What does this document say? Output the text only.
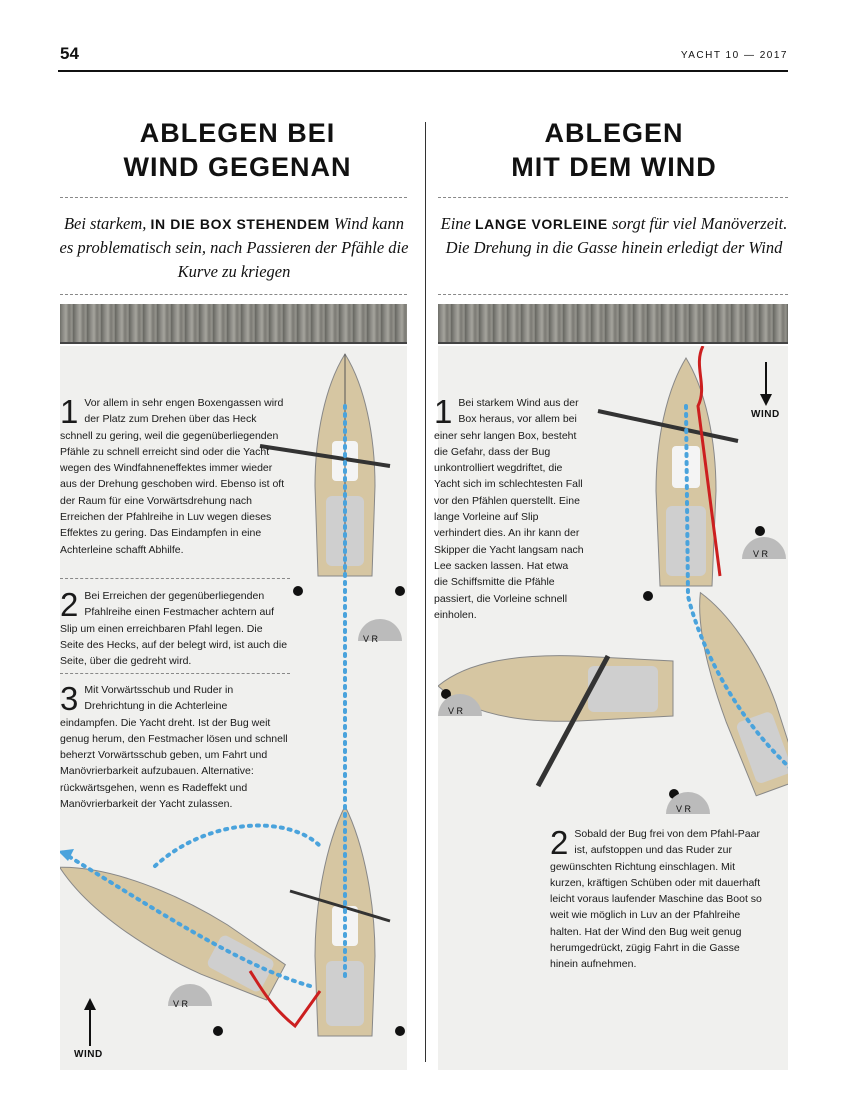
54	YACHT 10 — 2017
ABLEGEN BEI
WIND GEGENAN
Bei starkem, IN DIE BOX STEHENDEM Wind kann es problematisch sein, nach Passieren der Pfähle die Kurve zu kriegen
V R
V R
WIND
1 Vor allem in sehr engen Boxengassen wird der Platz zum Drehen über das Heck schnell zu gering, weil die gegenüberliegenden Pfähle zu schnell erreicht sind oder die Yacht wegen des Windfahneneffektes immer wieder aus der Drehung geschoben wird. Ebenso ist oft der Raum für eine Vorwärtsdrehung nach Erreichen der Pfahlreihe in Luv wegen dieses Effektes zu gering. Das Eindampfen in eine Achterleine schafft Abhilfe.
2 Bei Erreichen der gegenüberliegenden Pfahlreihe einen Festmacher achtern auf Slip um einen erreichbaren Pfahl legen. Die Seite des Hecks, auf der belegt wird, ist auch die Seite, über die gedreht wird.
3 Mit Vorwärtsschub und Ruder in Drehrichtung in die Achterleine eindampfen. Die Yacht dreht. Ist der Bug weit genug herum, den Festmacher lösen und schnell beherzt Vorwärtsschub geben, um Fahrt und Manövrierbarkeit aufzubauen. Alternative: rückwärtsgehen, wenn es Radeffekt und Manövrierbarkeit der Yacht zulassen.
ABLEGEN
MIT DEM WIND
Eine LANGE VORLEINE sorgt für viel Manöverzeit. Die Drehung in die Gasse hinein erledigt der Wind
WIND
V R
V R
V R
1 Bei starkem Wind aus der Box heraus, vor allem bei einer sehr langen Box, besteht die Gefahr, dass der Bug unkontrolliert wegdriftet, die Yacht sich im schlechtesten Fall vor den Pfählen querstellt. Eine lange Vorleine auf Slip verhindert dies. An ihr kann der Skipper die Yacht langsam nach Lee sacken lassen. Hat etwa die Schiffsmitte die Pfähle passiert, die Vorleine schnell einholen.
2 Sobald der Bug frei von dem Pfahl-Paar ist, aufstoppen und das Ruder zur gewünschten Richtung einschlagen. Mit kurzen, kräftigen Schüben oder mit dauerhaft leicht voraus laufender Maschine das Boot so weit wie möglich in Luv an der Pfahlreihe halten. Hat der Wind den Bug weit genug herumgedrückt, zügig Fahrt in die Gasse hinein aufnehmen.
